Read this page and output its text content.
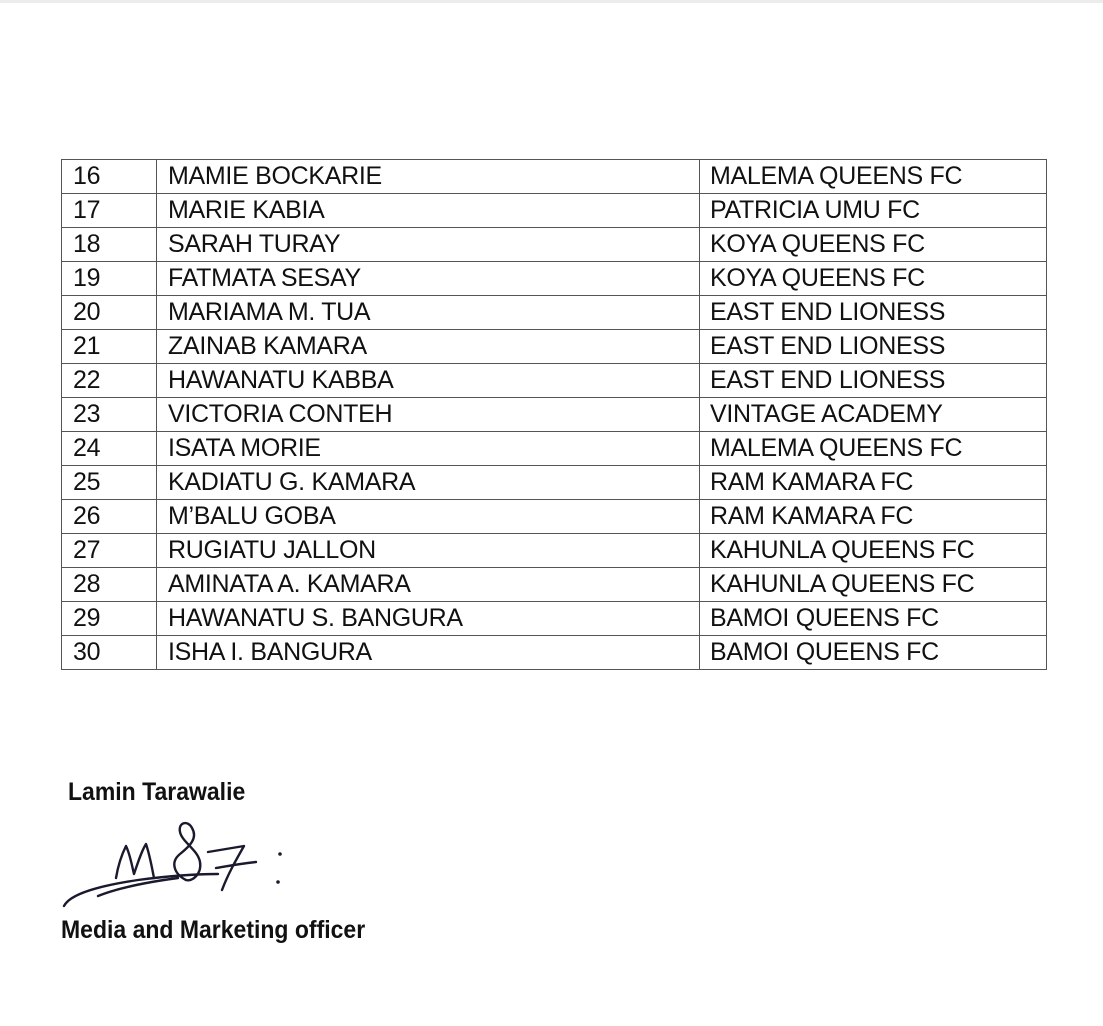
16	MAMIE BOCKARIE	MALEMA QUEENS FC
17	MARIE KABIA	PATRICIA UMU FC
18	SARAH TURAY	KOYA QUEENS FC
19	FATMATA SESAY	KOYA QUEENS FC
20	MARIAMA M. TUA	EAST END LIONESS
21	ZAINAB KAMARA	EAST END LIONESS
22	HAWANATU KABBA	EAST END LIONESS
23	VICTORIA CONTEH	VINTAGE ACADEMY
24	ISATA MORIE	MALEMA QUEENS FC
25	KADIATU G. KAMARA	RAM KAMARA FC
26	M’BALU GOBA	RAM KAMARA FC
27	RUGIATU JALLON	KAHUNLA QUEENS FC
28	AMINATA A. KAMARA	KAHUNLA QUEENS FC
29	HAWANATU S. BANGURA	BAMOI QUEENS FC
30	ISHA I. BANGURA	BAMOI QUEENS FC
Lamin Tarawalie
Media and Marketing officer
